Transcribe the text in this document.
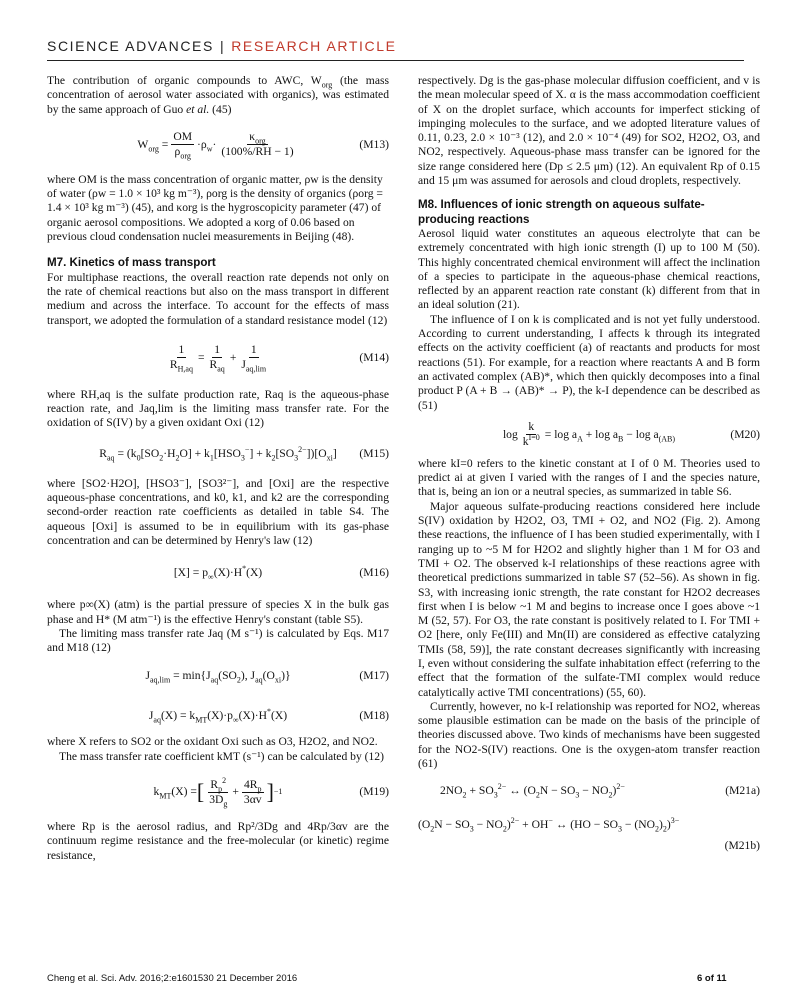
SCIENCE ADVANCES | RESEARCH ARTICLE

The contribution of organic compounds to AWC, $W_{org}$ (the mass concentration of aerosol water associated with organics), was estimated by the same approach of Guo et al. (45)

$W_{org} = \frac{OM}{\rho_{org}} \cdot\rho_w\cdot \frac{\kappa_{org}}{(100\%/RH - 1)}$	(M13)

where OM is the mass concentration of organic matter, ρw is the density of water (ρw = 1.0 × 10³ kg m⁻³), ρorg is the density of organics (ρorg = 1.4 × 10³ kg m⁻³) (45), and κorg is the hygroscopicity parameter (47) of organic aerosol compositions. We adopted a κorg of 0.06 based on previous cloud condensation nuclei measurements in Beijing (48).

M7. Kinetics of mass transport

For multiphase reactions, the overall reaction rate depends not only on the rate of chemical reactions but also on the mass transport in different medium and across the interface. To account for the effects of mass transport, we adopted the formulation of a standard resistance model (12)

$\frac{1}{R_{H,aq}} = \frac{1}{R_{aq}} + \frac{1}{J_{aq,lim}}$	(M14)

where RH,aq is the sulfate production rate, Raq is the aqueous-phase reaction rate, and Jaq,lim is the limiting mass transfer rate. For the oxidation of S(IV) by a given oxidant Oxi (12)

$R_{aq} = (k_0[SO_2\cdot H_2O] + k_1[HSO_3^-] + k_2[SO_3^{2-}])[O_{xi}]$ (M15)

where [SO2·H2O], [HSO3⁻], [SO3²⁻], and [Oxi] are the respective aqueous-phase concentrations, and k0, k1, and k2 are the corresponding second-order reaction rate coefficients as detailed in table S4. The aqueous [Oxi] is assumed to be in equilibrium with its gas-phase concentration and can be determined by Henry's law (12)

$[X] = p_\infty(X)\cdot H^*(X)$	(M16)

where p∞(X) (atm) is the partial pressure of species X in the bulk gas phase and H* (M atm⁻¹) is the effective Henry's constant (table S5).

The limiting mass transfer rate Jaq (M s⁻¹) is calculated by Eqs. M17 and M18 (12)

$J_{aq,lim} = \min\{J_{aq}(SO_2)$, $J_{aq}(O_{xi})$}	(M17)
$J_{aq}(X) = k_{MT}(X)\cdot p_\infty(X)\cdot H^*(X)$	(M18)

where X refers to SO2 or the oxidant Oxi such as O3, H2O2, and NO2.

The mass transfer rate coefficient kMT (s⁻¹) can be calculated by (12)

$k_{MT}(X)$ = [ $\frac{R_p^2}{3D_g} + \frac{4R_p}{3\alpha v}$ ] −1	(M19)

where Rp is the aerosol radius, and Rp²/3Dg and 4Rp/3αv are the continuum regime resistance and the free-molecular (or kinetic) regime resistance,

respectively. Dg is the gas-phase molecular diffusion coefficient, and v is the mean molecular speed of X. α is the mass accommodation coefficient of X on the droplet surface, which accounts for imperfect sticking of impinging molecules to the surface, and we adopted literature values of 0.11, 0.23, 2.0 × 10⁻³ (12), and 2.0 × 10⁻⁴ (49) for SO2, H2O2, O3, and NO2, respectively. Aqueous-phase mass transfer can be ignored for the size range considered here (Dp ≤ 2.5 μm) (12). An equivalent Rp of 0.15 and 15 μm was assumed for aerosols and cloud droplets, respectively.

M8. Influences of ionic strength on aqueous sulfate-producing reactions

Aerosol liquid water constitutes an aqueous electrolyte that can be extremely concentrated with high ionic strength (I) up to 100 M (50). This highly concentrated chemical environment will affect the inclination of a species to participate in the aqueous-phase chemical reactions, reflected by an apparent reaction rate constant (k) different from that in an ideal solution (21).

The influence of I on k is complicated and is not yet fully understood. According to current understanding, I affects k through its integrated effects on the activity coefficient (a) of reactants and products for most reactions (51). For example, for a reaction where reactants A and B form an activated complex (AB)*, which then quickly decomposes into a final product P (A + B → (AB)* → P), the k-I dependence can be described as (51)

$\log \frac{k}{k^{I=0}} = \log a_A + \log a_B - \log a_{(AB)}$	(M20)

where kI=0 refers to the kinetic constant at I of 0 M. Theories used to predict ai at given I varied with the ranges of I and the species nature, that is, being an ion or a neutral species, as summarized in table S6.

Major aqueous sulfate-producing reactions considered here include S(IV) oxidation by H2O2, O3, TMI + O2, and NO2 (Fig. 2). Among these reactions, the influence of I has been studied experimentally, with I ranging up to ~5 M for H2O2 and slightly higher than 1 M for O3 and TMI + O2. The observed k-I relationships of these reactions agree with theoretical predictions summarized in table S7 (52–56). As shown in fig. S3, with increasing ionic strength, the rate constant for H2O2 decreases first when I is below ~1 M and begins to increase once I goes above ~1 M (52, 57). For O3, the rate constant is positively related to I. For TMI + O2 [here, only Fe(III) and Mn(II) are considered as effective catalyzing TMIs (58, 59)], the rate constant decreases significantly with increasing I, even without considering the sulfate inhabitation effect (referring to the effect that the formation of the sulfate-TMI complex would reduce catalytically active TMI concentrations) (55, 60).

Currently, however, no k-I relationship was reported for NO2, whereas some plausible estimation can be made on the basis of the principle of theories discussed above. Two kinds of mechanisms have been suggested for the NO2-S(IV) reactions. One is the oxygen-atom transfer reaction (61)

$2NO_2 + SO_3^{2-}$ ↔ $(O_2N - SO_3 - NO_2)^{2-}$	(M21a)
$(O_2N - SO_3 - NO_2)^{2-} + OH^-$ ↔ $(HO - SO_3 - (NO_2)_2)^{3-}$
(M21b)
Cheng et al. Sci. Adv. 2016;2:e1601530 21 December 2016	6 of 11
